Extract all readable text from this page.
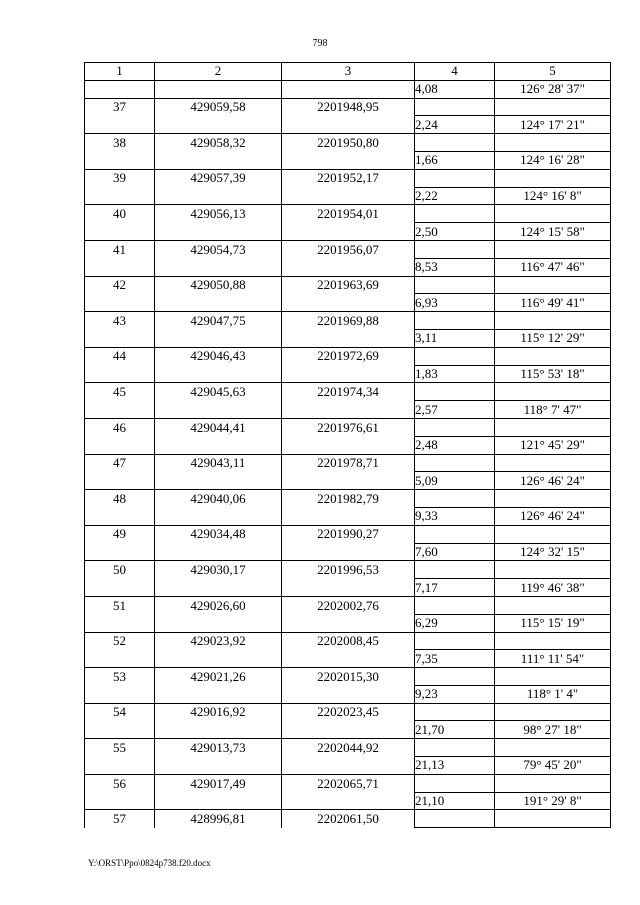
798
1	2	3	4	5
			4,08	126° 28' 37"
37	429059,58	2201948,95		
			2,24	124° 17' 21"
38	429058,32	2201950,80		
			1,66	124° 16' 28"
39	429057,39	2201952,17		
			2,22	124° 16' 8"
40	429056,13	2201954,01		
			2,50	124° 15' 58"
41	429054,73	2201956,07		
			8,53	116° 47' 46"
42	429050,88	2201963,69		
			6,93	116° 49' 41"
43	429047,75	2201969,88		
			3,11	115° 12' 29"
44	429046,43	2201972,69		
			1,83	115° 53' 18"
45	429045,63	2201974,34		
			2,57	118° 7' 47"
46	429044,41	2201976,61		
			2,48	121° 45' 29"
47	429043,11	2201978,71		
			5,09	126° 46' 24"
48	429040,06	2201982,79		
			9,33	126° 46' 24"
49	429034,48	2201990,27		
			7,60	124° 32' 15"
50	429030,17	2201996,53		
			7,17	119° 46' 38"
51	429026,60	2202002,76		
			6,29	115° 15' 19"
52	429023,92	2202008,45		
			7,35	111° 11' 54"
53	429021,26	2202015,30		
			9,23	118° 1' 4"
54	429016,92	2202023,45		
			21,70	98° 27' 18"
55	429013,73	2202044,92		
			21,13	79° 45' 20"
56	429017,49	2202065,71		
			21,10	191° 29' 8"
57	428996,81	2202061,50		
Y:\ORST\Ppo\0824p738.f20.docx
